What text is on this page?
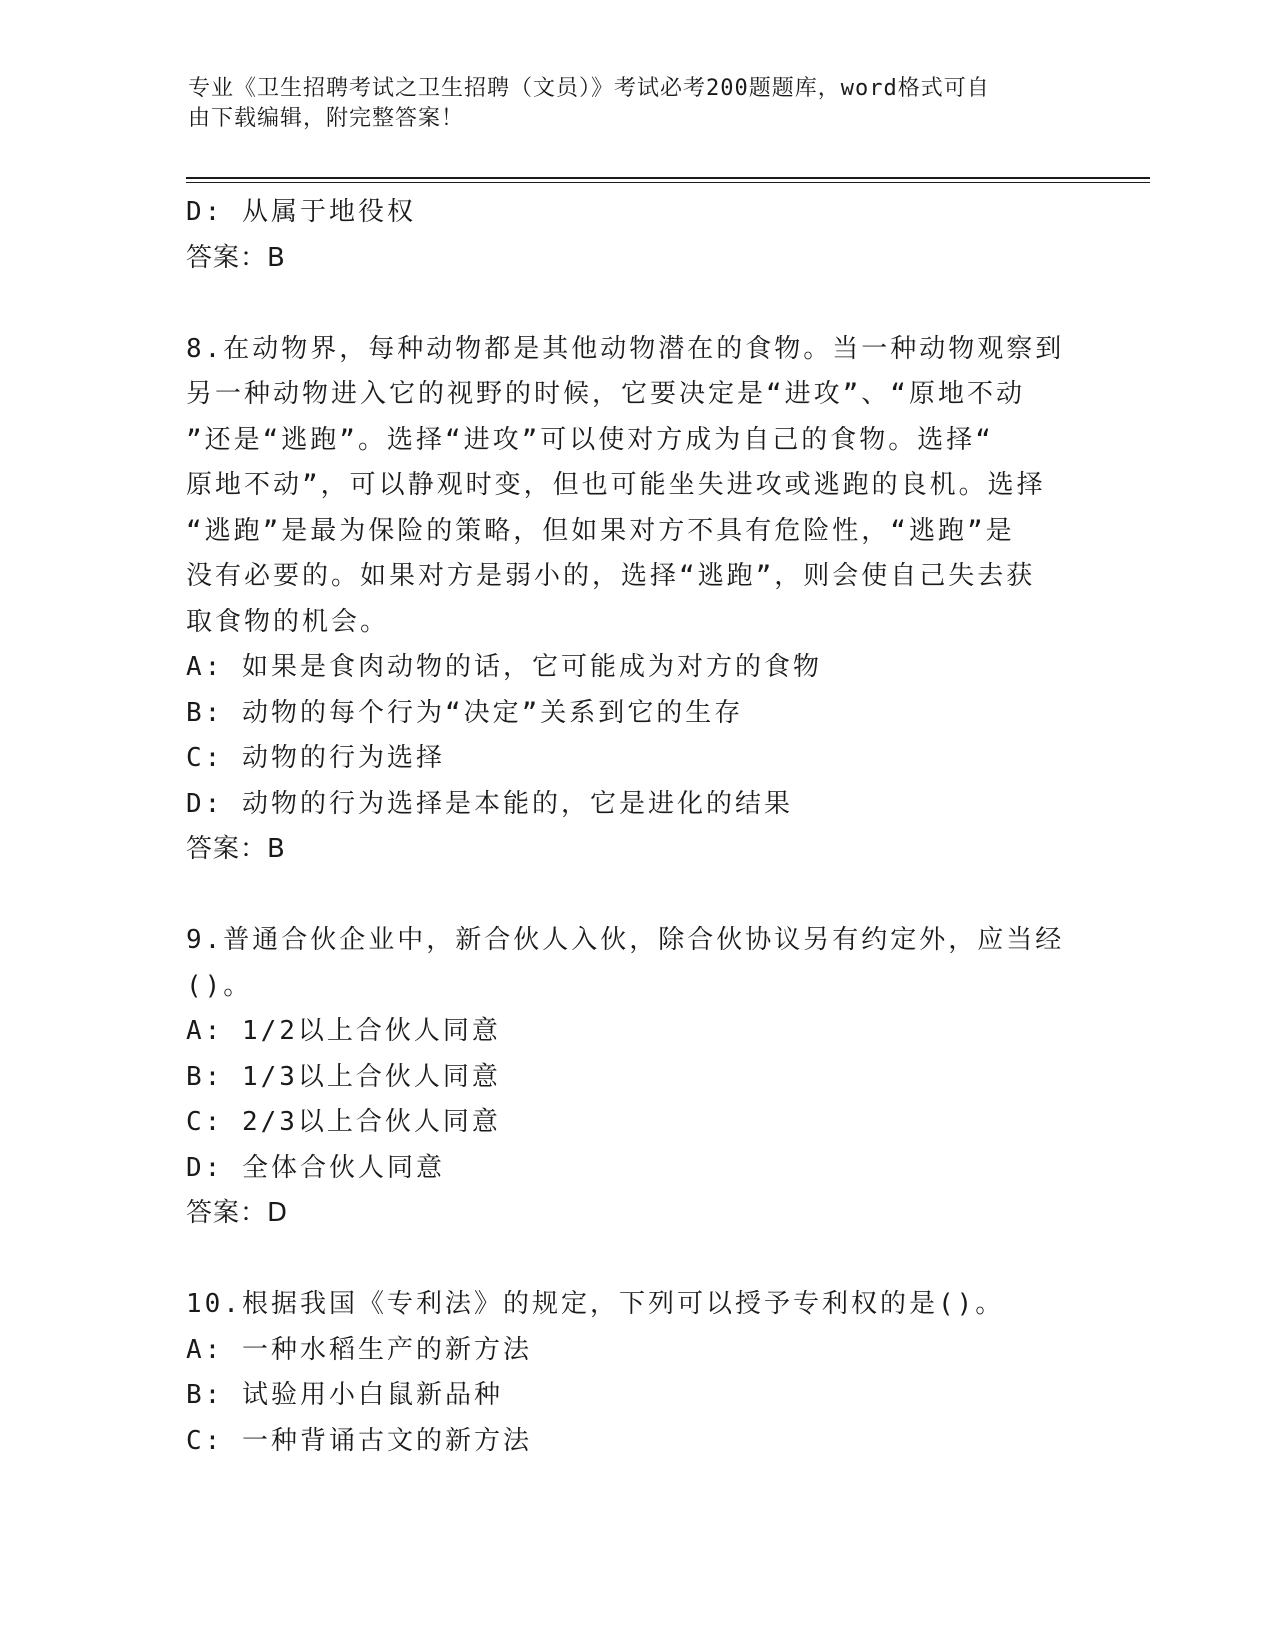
专业《卫生招聘考试之卫生招聘（文员）》考试必考200题题库，word格式可自
由下载编辑，附完整答案！
D: 从属于地役权
答案：B
8.在动物界，每种动物都是其他动物潜在的食物。当一种动物观察到
另一种动物进入它的视野的时候，它要决定是“进攻”、“原地不动
”还是“逃跑”。选择“进攻”可以使对方成为自己的食物。选择“
原地不动”，可以静观时变，但也可能坐失进攻或逃跑的良机。选择
“逃跑”是最为保险的策略，但如果对方不具有危险性，“逃跑”是
没有必要的。如果对方是弱小的，选择“逃跑”，则会使自己失去获
取食物的机会。
A: 如果是食肉动物的话，它可能成为对方的食物
B: 动物的每个行为“决定”关系到它的生存
C: 动物的行为选择
D: 动物的行为选择是本能的，它是进化的结果
答案：B
9.普通合伙企业中，新合伙人入伙，除合伙协议另有约定外，应当经
()。
A: 1/2以上合伙人同意
B: 1/3以上合伙人同意
C: 2/3以上合伙人同意
D: 全体合伙人同意
答案：D
10.根据我国《专利法》的规定，下列可以授予专利权的是()。
A: 一种水稻生产的新方法
B: 试验用小白鼠新品种
C: 一种背诵古文的新方法
